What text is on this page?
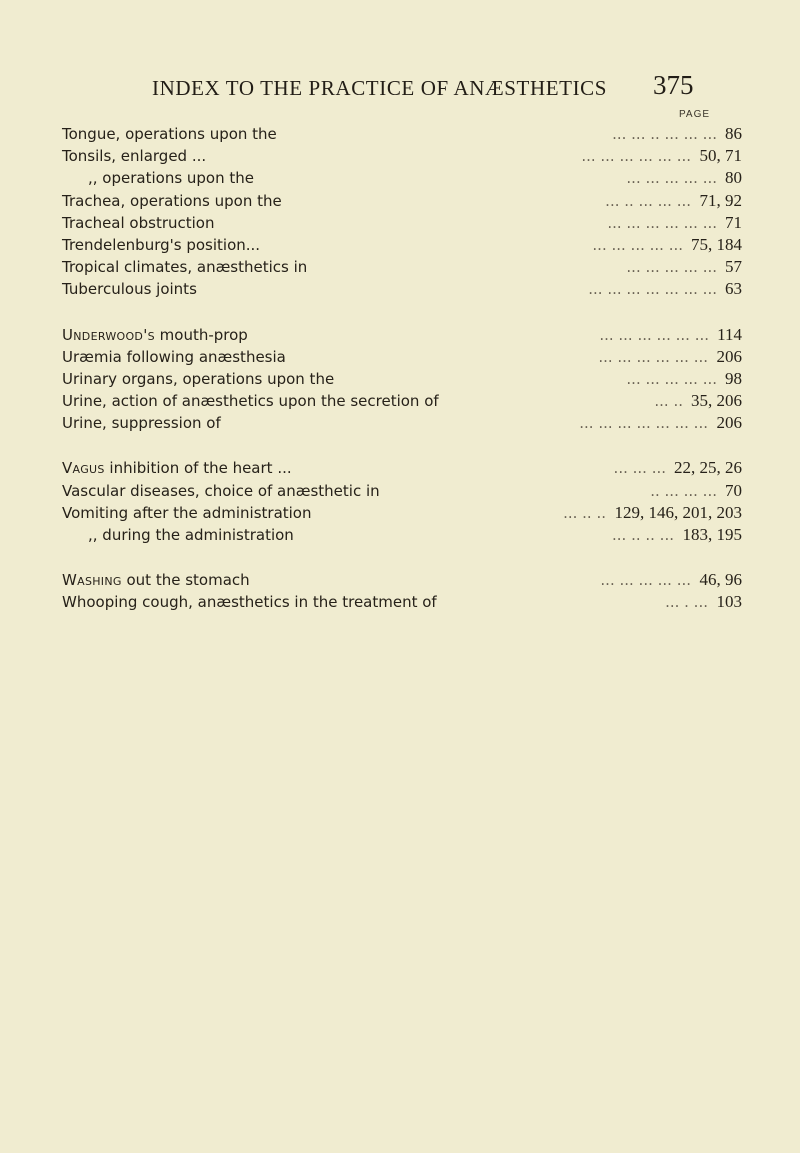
INDEX TO THE PRACTICE OF ANÆSTHETICS 375
PAGE
Tongue, operations upon the	86
... ... .. ... ... ...
Tonsils, enlarged ...	50, 71
... ... ... ... ... ...
,, operations upon the	80
... ... ... ... ...
Trachea, operations upon the	71, 92
... .. ... ... ...
Tracheal obstruction	71
... ... ... ... ... ...
Trendelenburg's position...	75, 184
... ... ... ... ...
Tropical climates, anæsthetics in	57
... ... ... ... ...
Tuberculous joints	63
... ... ... ... ... ... ...
Underwood's mouth-prop	114
... ... ... ... ... ...
Uræmia following anæsthesia	206
... ... ... ... ... ...
Urinary organs, operations upon the	98
... ... ... ... ...
Urine, action of anæsthetics upon the secretion of	35, 206
... ..
Urine, suppression of	206
... ... ... ... ... ... ...
Vagus inhibition of the heart ...	22, 25, 26
... ... ...
Vascular diseases, choice of anæsthetic in	70
.. ... ... ...
Vomiting after the administration	129, 146, 201, 203
... .. ..
,, during the administration	183, 195
... .. .. ...
Washing out the stomach	46, 96
... ... ... ... ...
Whooping cough, anæsthetics in the treatment of	103
... . ...
